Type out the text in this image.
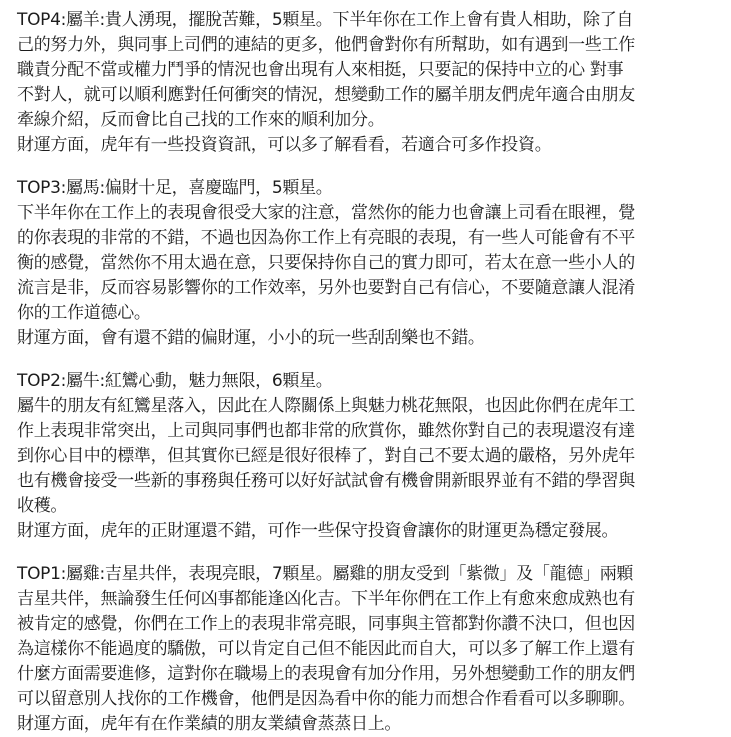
TOP4:屬羊:貴人湧現，擺脫苦難，5顆星。下半年你在工作上會有貴人相助，除了自
己的努力外，與同事上司們的連結的更多，他們會對你有所幫助，如有遇到一些工作
職責分配不當或權力鬥爭的情況也會出現有人來相挺，只要記的保持中立的心 對事
不對人，就可以順利應對任何衝突的情況，想變動工作的屬羊朋友們虎年適合由朋友
牽線介紹，反而會比自己找的工作來的順利加分。
財運方面，虎年有一些投資資訊，可以多了解看看，若適合可多作投資。
TOP3:屬馬:偏財十足，喜慶臨門，5顆星。
下半年你在工作上的表現會很受大家的注意，當然你的能力也會讓上司看在眼裡，覺
的你表現的非常的不錯，不過也因為你工作上有亮眼的表現，有一些人可能會有不平
衡的感覺，當然你不用太過在意，只要保持你自己的實力即可，若太在意一些小人的
流言是非，反而容易影響你的工作效率，另外也要對自己有信心，不要隨意讓人混淆
你的工作道德心。
財運方面，會有還不錯的偏財運，小小的玩一些刮刮樂也不錯。
TOP2:屬牛:紅鸞心動，魅力無限，6顆星。
屬牛的朋友有紅鸞星落入，因此在人際關係上與魅力桃花無限，也因此你們在虎年工
作上表現非常突出，上司與同事們也都非常的欣賞你，雖然你對自己的表現還沒有達
到你心目中的標準，但其實你已經是很好很棒了，對自己不要太過的嚴格，另外虎年
也有機會接受一些新的事務與任務可以好好試試會有機會開新眼界並有不錯的學習與
收穫。
財運方面，虎年的正財運還不錯，可作一些保守投資會讓你的財運更為穩定發展。
TOP1:屬雞:吉星共伴，表現亮眼，7顆星。屬雞的朋友受到「紫微」及「龍德」兩顆
吉星共伴，無論發生任何凶事都能逢凶化吉。下半年你們在工作上有愈來愈成熟也有
被肯定的感覺，你們在工作上的表現非常亮眼，同事與主管都對你讚不決口，但也因
為這樣你不能過度的驕傲，可以肯定自己但不能因此而自大，可以多了解工作上還有
什麼方面需要進修，這對你在職場上的表現會有加分作用，另外想變動工作的朋友們
可以留意別人找你的工作機會，他們是因為看中你的能力而想合作看看可以多聊聊。
財運方面，虎年有在作業績的朋友業績會蒸蒸日上。
